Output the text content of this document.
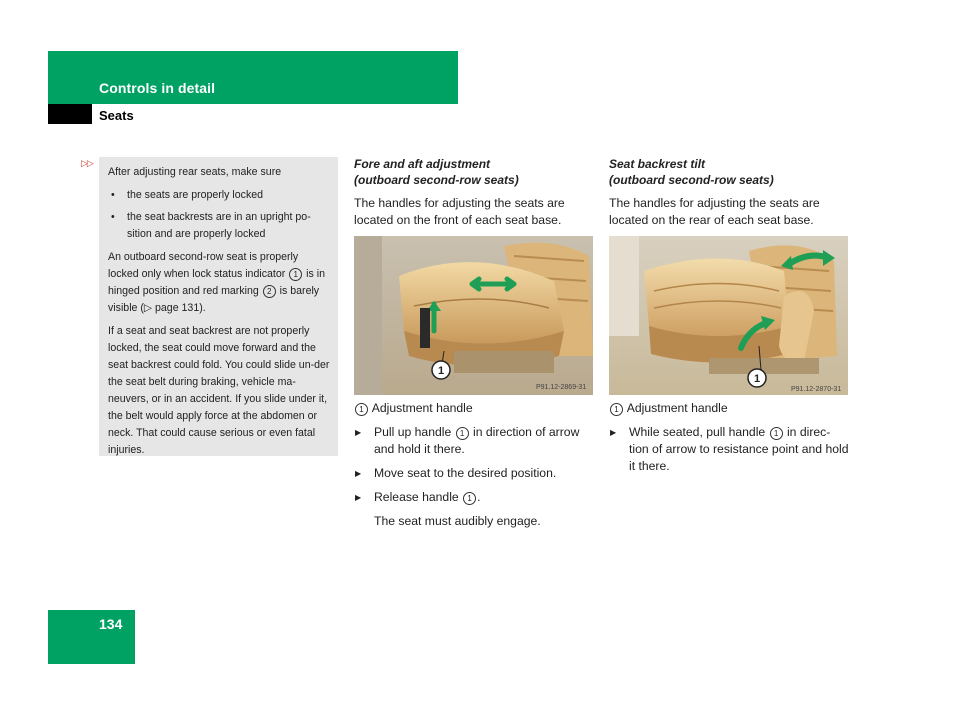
Controls in detail
Seats
▷▷

After adjusting rear seats, make sure

• the seats are properly locked
• the seat backrests are in an upright po-sition and are properly locked

An outboard second-row seat is properly locked only when lock status indicator 1 is in hinged position and red marking 2 is barely visible (▷ page 131).

If a seat and seat backrest are not properly locked, the seat could move forward and the seat backrest could fold. You could slide un-der the seat belt during braking, vehicle ma-neuvers, or in an accident. If you slide under it, the belt would apply force at the abdomen or neck. That could cause serious or even fatal injuries.

Fore and aft adjustment
(outboard second-row seats)

The handles for adjusting the seats are located on the front of each seat base.

1
P91.12-2869-31

1 Adjustment handle

▶ Pull up handle 1 in direction of arrow and hold it there.
▶ Move seat to the desired position.
▶ Release handle 1 .

The seat must audibly engage.

Seat backrest tilt
(outboard second-row seats)

The handles for adjusting the seats are located on the rear of each seat base.

1
P91.12-2870-31

1 Adjustment handle

▶ While seated, pull handle 1 in direc-tion of arrow to resistance point and hold it there.
134
